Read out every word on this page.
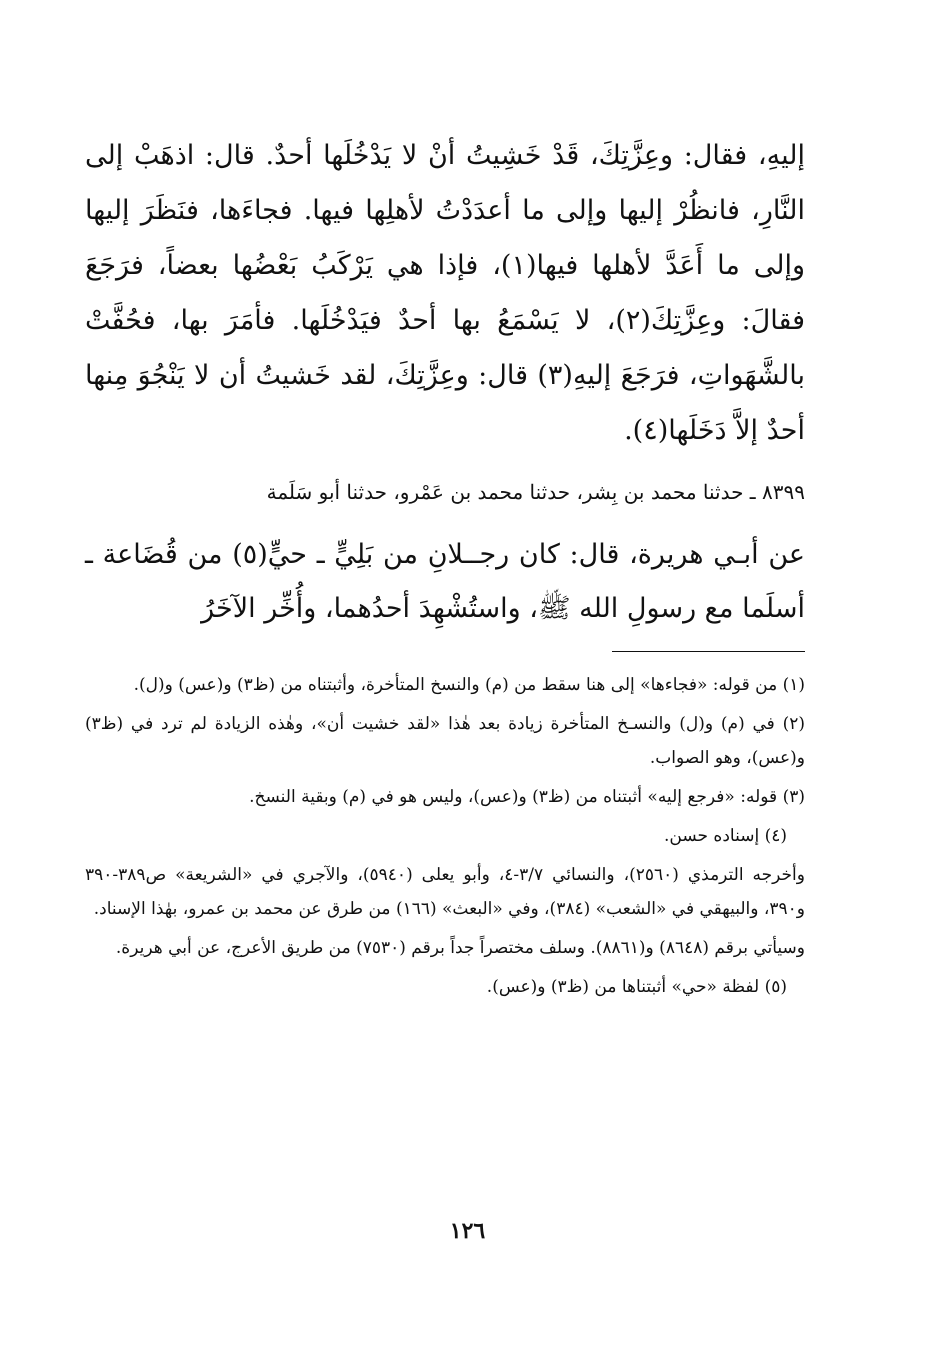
إليهِ، فقال: وعِزَّتِكَ، قَدْ خَشِيتُ أنْ لا يَدْخُلَها أحدٌ. قال: اذهَبْ إلى النَّارِ، فانظُرْ إليها وإلى ما أعدَدْتُ لأهلِها فيها. فجاءَها، فنَظَرَ إليها وإلى ما أَعَدَّ لأهلها فيها(١)، فإذا هي يَرْكَبُ بَعْضُها بعضاً، فرَجَعَ فقالَ: وعِزَّتِكَ(٢)، لا يَسْمَعُ بها أحدٌ فيَدْخُلَها. فأمَرَ بها، فحُفَّتْ بالشَّهَواتِ، فرَجَعَ إليهِ(٣) قال: وعِزَّتِكَ، لقد خَشيتُ أن لا يَنْجُوَ مِنها أحدٌ إلاَّ دَخَلَها(٤).

٨٣٩٩ ـ حدثنا محمد بن بِشر، حدثنا محمد بن عَمْرو، حدثنا أبو سَلَمة
عن أبـي هريرة، قال: كان رجــلانِ من بَلِيٍّ ـ حيٍّ(٥) من قُضَاعة ـ أسلَما مع رسولِ الله ﷺ، واستُشْهِدَ أحدُهما، وأُخِّر الآخَرُ

(١) من قوله: «فجاءها» إلى هنا سقط من (م) والنسخ المتأخرة، وأثبتناه من (ظ٣) و(عس) و(ل).

(٢) في (م) و(ل) والنسـخ المتأخرة زيادة بعد هٰذا «لقد خشيت أن»، وهٰذه الزيادة لم ترد في (ظ٣) و(عس)، وهو الصواب.

(٣) قوله: «فرجع إليه» أثبتناه من (ظ٣) و(عس)، وليس هو في (م) وبقية النسخ.

(٤) إسناده حسن.

وأخرجه الترمذي (٢٥٦٠)، والنسائي ٣/٧-٤، وأبو يعلى (٥٩٤٠)، والآجري في «الشريعة» ص٣٨٩-٣٩٠ و٣٩٠، والبيهقي في «الشعب» (٣٨٤)، وفي «البعث» (١٦٦) من طرق عن محمد بن عمرو، بهٰذا الإسناد.

وسيأتي برقم (٨٦٤٨) و(٨٨٦١). وسلف مختصراً جداً برقم (٧٥٣٠) من طريق الأعرج، عن أبي هريرة.

(٥) لفظة «حي» أثبتناها من (ظ٣) و(عس).

١٢٦
